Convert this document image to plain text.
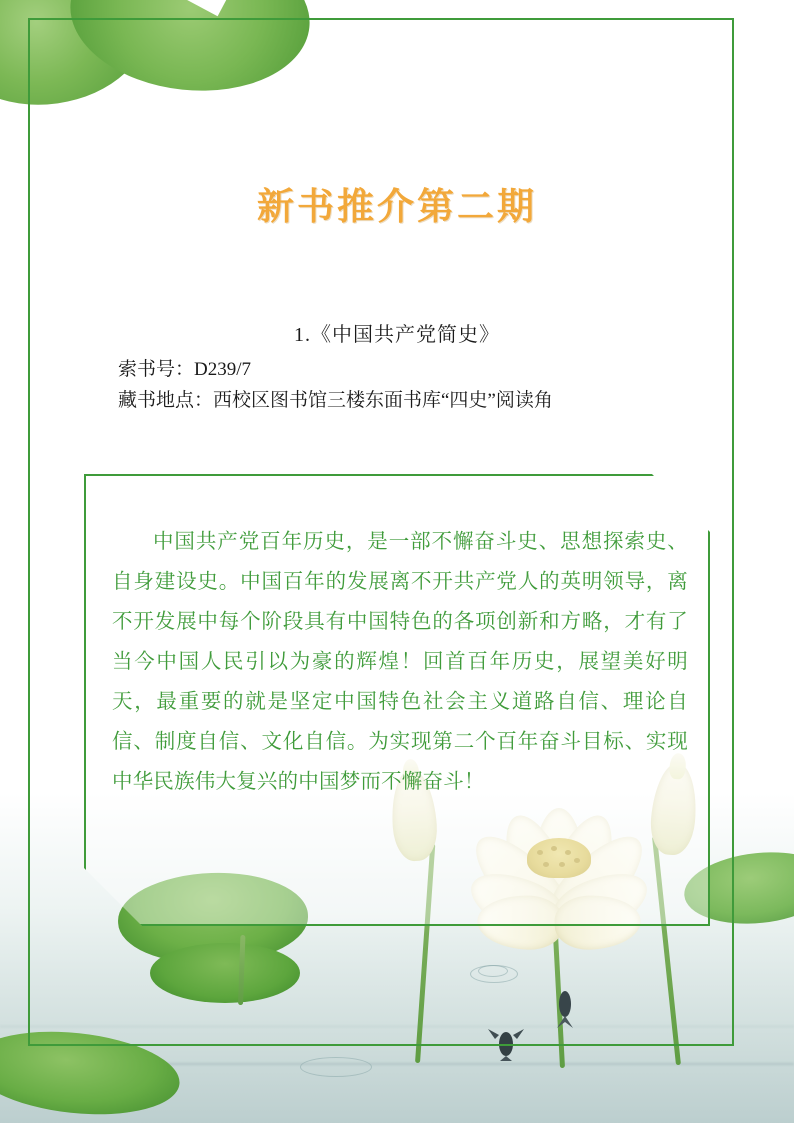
新书推介第二期
1.《中国共产党简史》
索书号：D239/7
藏书地点：西校区图书馆三楼东面书库“四史”阅读角
中国共产党百年历史，是一部不懈奋斗史、思想探索史、自身建设史。中国百年的发展离不开共产党人的英明领导，离不开发展中每个阶段具有中国特色的各项创新和方略，才有了当今中国人民引以为豪的辉煌！回首百年历史，展望美好明天，最重要的就是坚定中国特色社会主义道路自信、理论自信、制度自信、文化自信。为实现第二个百年奋斗目标、实现中华民族伟大复兴的中国梦而不懈奋斗！
